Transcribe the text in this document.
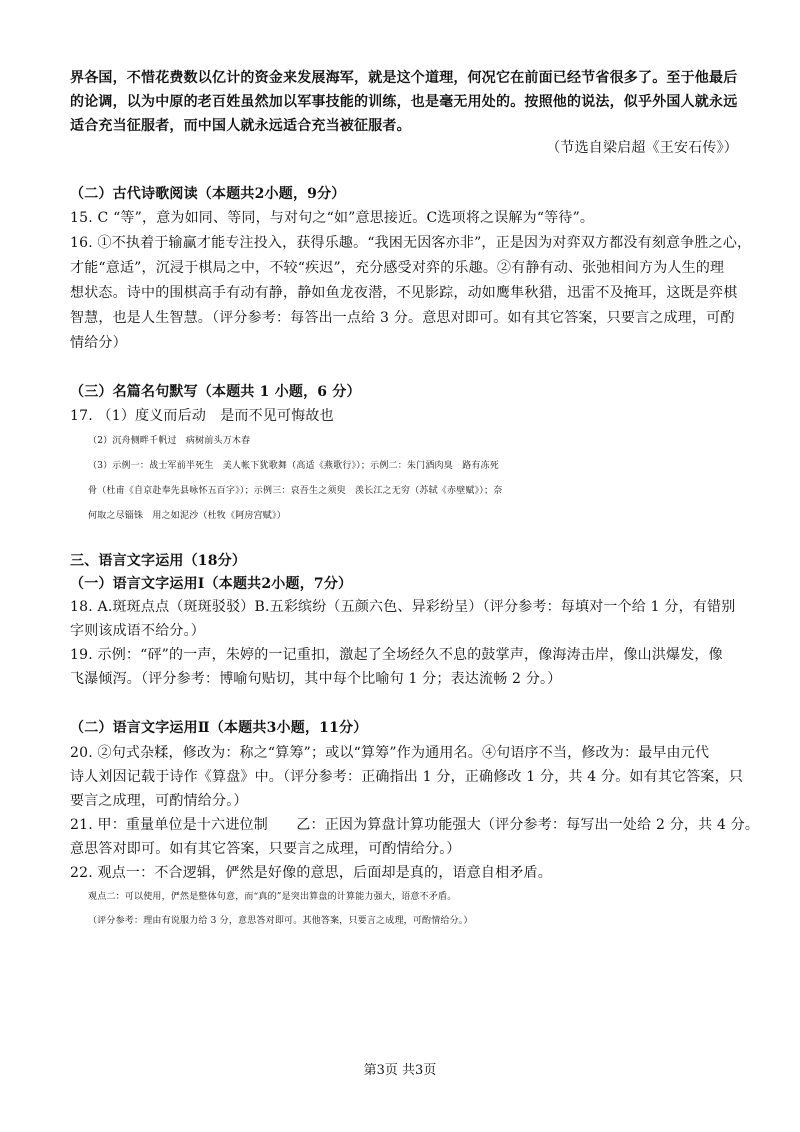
界各国，不惜花费数以亿计的资金来发展海军，就是这个道理，何况它在前面已经节省很多了。至于他最后
的论调，以为中原的老百姓虽然加以军事技能的训练，也是毫无用处的。按照他的说法，似乎外国人就永远
适合充当征服者，而中国人就永远适合充当被征服者。
（节选自梁启超《王安石传》）
（二）古代诗歌阅读（本题共2小题，9分）
15. C “等”，意为如同、等同，与对句之“如”意思接近。C选项将之误解为“等待”。
16. ①不执着于输赢才能专注投入，获得乐趣。“我困无因客亦非”，正是因为对弈双方都没有刻意争胜之心，
才能“意适”，沉浸于棋局之中，不较“疾迟”，充分感受对弈的乐趣。②有静有动、张弛相间方为人生的理
想状态。诗中的围棋高手有动有静，静如鱼龙夜潜，不见影踪，动如鹰隼秋猎，迅雷不及掩耳，这既是弈棋
智慧，也是人生智慧。（评分参考：每答出一点给 3 分。意思对即可。如有其它答案，只要言之成理，可酌
情给分）
（三）名篇名句默写（本题共 1 小题，6 分）
17. （1）度义而后动　是而不见可悔故也
（2）沉舟侧畔千帆过　病树前头万木春
（3）示例一：战士军前半死生　美人帐下犹歌舞（高适《燕歌行》）；示例二：朱门酒肉臭　路有冻死
骨（杜甫《自京赴奉先县咏怀五百字》）；示例三：哀吾生之须臾　羡长江之无穷（苏轼《赤壁赋》）；奈
何取之尽锱铢　用之如泥沙（杜牧《阿房宫赋》）
三、语言文字运用（18分）
（一）语言文字运用Ⅰ（本题共2小题，7分）
18. A.斑斑点点（斑斑驳驳）B.五彩缤纷（五颜六色、异彩纷呈）（评分参考：每填对一个给 1 分，有错别
字则该成语不给分。）
19. 示例：“砰”的一声，朱婷的一记重扣，激起了全场经久不息的鼓掌声，像海涛击岸，像山洪爆发，像
飞瀑倾泻。（评分参考：博喻句贴切，其中每个比喻句 1 分；表达流畅 2 分。）
（二）语言文字运用Ⅱ（本题共3小题，11分）
20. ②句式杂糅，修改为：称之“算筹”；或以“算筹”作为通用名。④句语序不当，修改为：最早由元代
诗人刘因记载于诗作《算盘》中。（评分参考：正确指出 1 分，正确修改 1 分，共 4 分。如有其它答案，只
要言之成理，可酌情给分。）
21. 甲：重量单位是十六进位制　　乙：正因为算盘计算功能强大（评分参考：每写出一处给 2 分，共 4 分。
意思答对即可。如有其它答案，只要言之成理，可酌情给分。）
22. 观点一：不合逻辑，俨然是好像的意思，后面却是真的，语意自相矛盾。
观点二：可以使用，俨然是整体句意，而“真的”是突出算盘的计算能力强大，语意不矛盾。
（评分参考：理由有说服力给 3 分，意思答对即可。其他答案，只要言之成理，可酌情给分。）
第3页 共3页
